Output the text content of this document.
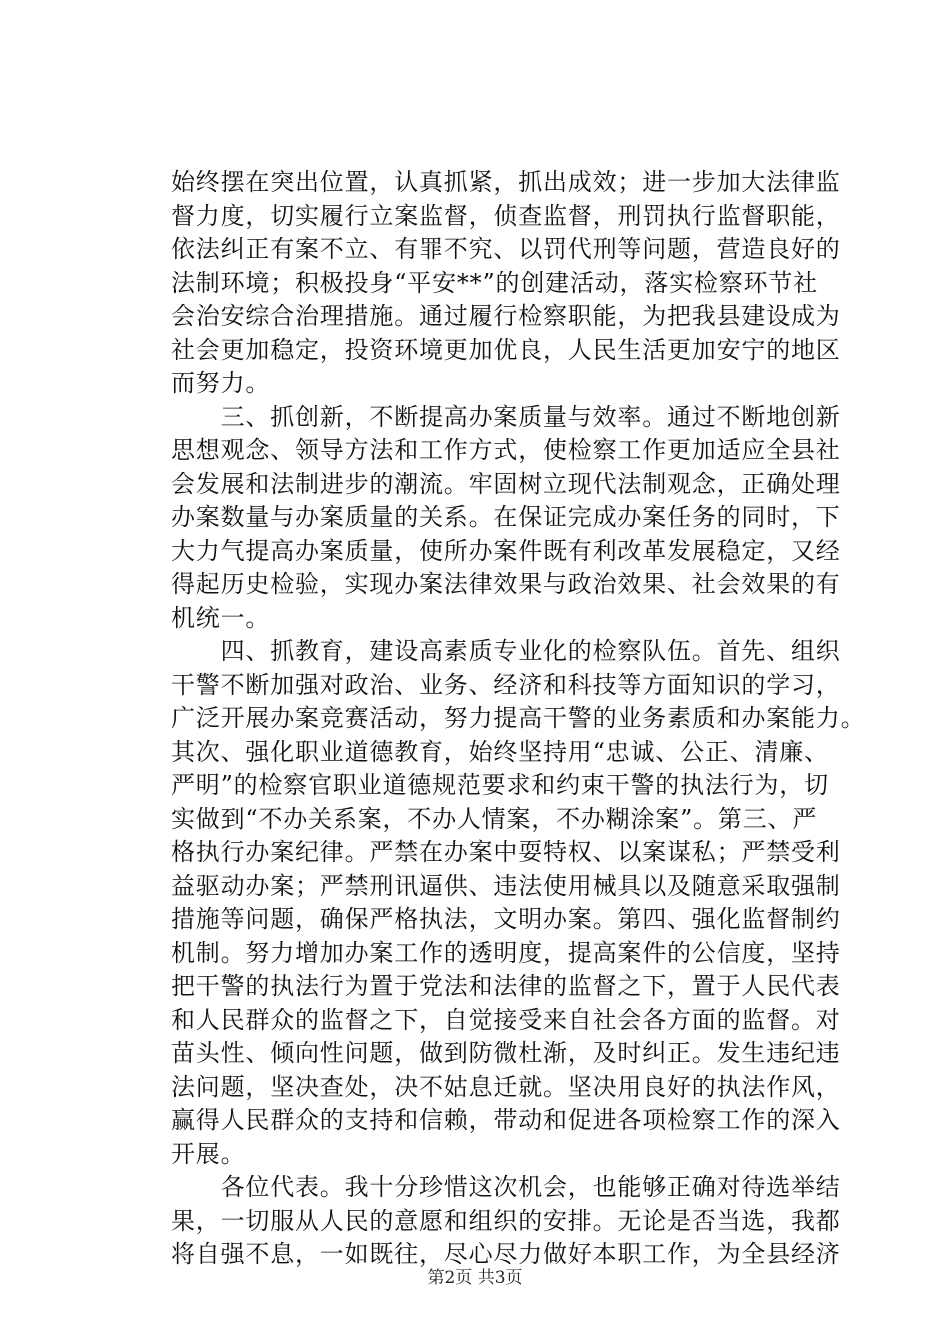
始终摆在突出位置，认真抓紧，抓出成效；进一步加大法律监
督力度，切实履行立案监督，侦查监督，刑罚执行监督职能，
依法纠正有案不立、有罪不究、以罚代刑等问题，营造良好的
法制环境；积极投身“平安**”的创建活动，落实检察环节社
会治安综合治理措施。通过履行检察职能，为把我县建设成为
社会更加稳定，投资环境更加优良，人民生活更加安宁的地区
而努力。
　　三、抓创新，不断提高办案质量与效率。通过不断地创新
思想观念、领导方法和工作方式，使检察工作更加适应全县社
会发展和法制进步的潮流。牢固树立现代法制观念，正确处理
办案数量与办案质量的关系。在保证完成办案任务的同时，下
大力气提高办案质量，使所办案件既有利改革发展稳定，又经
得起历史检验，实现办案法律效果与政治效果、社会效果的有
机统一。
　　四、抓教育，建设高素质专业化的检察队伍。首先、组织
干警不断加强对政治、业务、经济和科技等方面知识的学习，
广泛开展办案竞赛活动，努力提高干警的业务素质和办案能力。
其次、强化职业道德教育，始终坚持用“忠诚、公正、清廉、
严明”的检察官职业道德规范要求和约束干警的执法行为，切
实做到“不办关系案，不办人情案，不办糊涂案”。第三、严
格执行办案纪律。严禁在办案中耍特权、以案谋私；严禁受利
益驱动办案；严禁刑讯逼供、违法使用械具以及随意采取强制
措施等问题，确保严格执法，文明办案。第四、强化监督制约
机制。努力增加办案工作的透明度，提高案件的公信度，坚持
把干警的执法行为置于党法和法律的监督之下，置于人民代表
和人民群众的监督之下，自觉接受来自社会各方面的监督。对
苗头性、倾向性问题，做到防微杜渐，及时纠正。发生违纪违
法问题，坚决查处，决不姑息迁就。坚决用良好的执法作风，
赢得人民群众的支持和信赖，带动和促进各项检察工作的深入
开展。
　　各位代表。我十分珍惜这次机会，也能够正确对待选举结
果，一切服从人民的意愿和组织的安排。无论是否当选，我都
将自强不息，一如既往，尽心尽力做好本职工作，为全县经济
第2页 共3页
